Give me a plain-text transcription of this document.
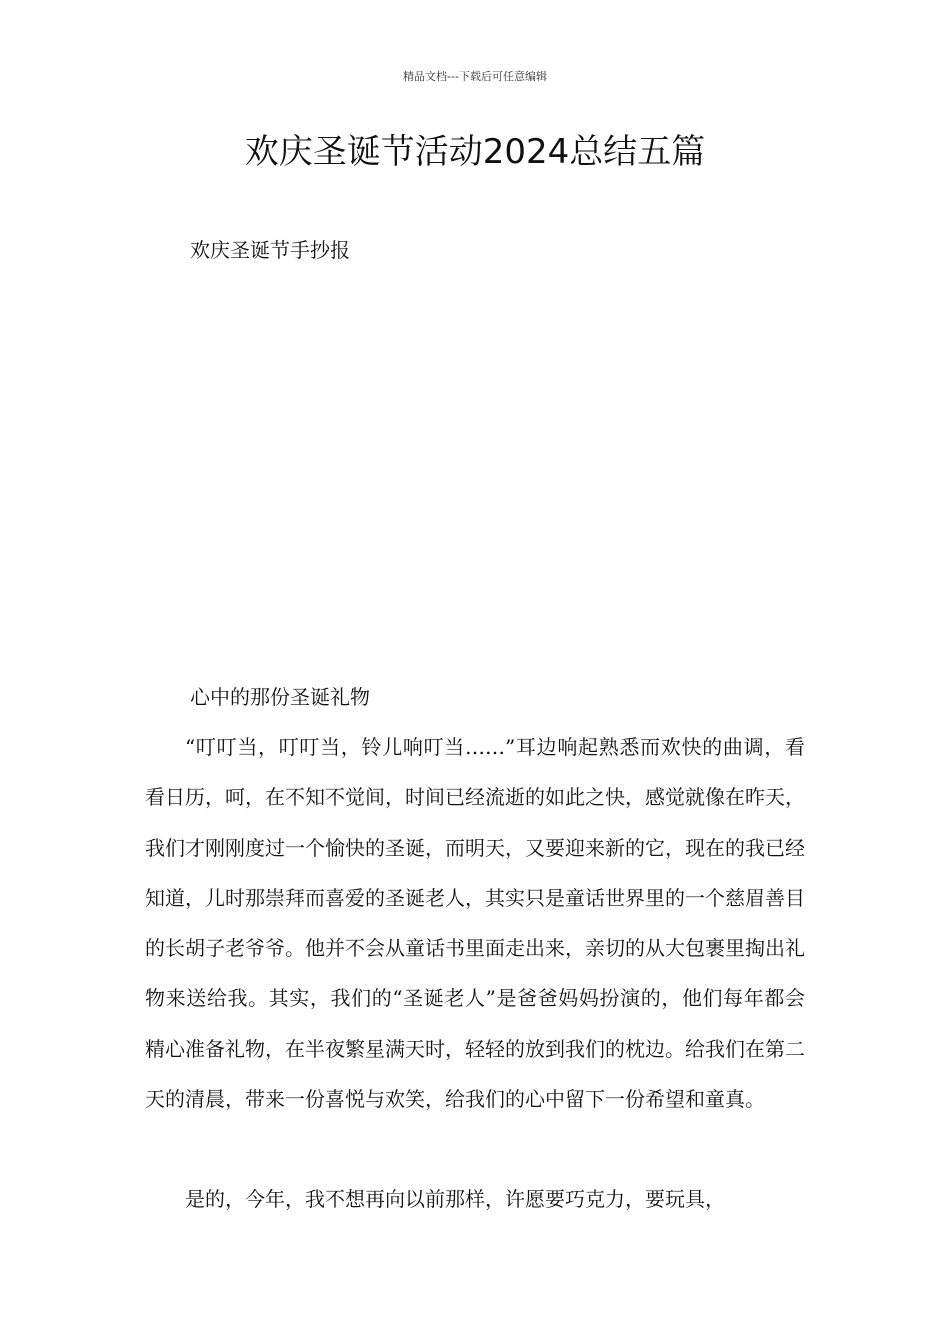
精品文档---下载后可任意编辑
欢庆圣诞节活动2024总结五篇
欢庆圣诞节手抄报
心中的那份圣诞礼物

“叮叮当，叮叮当，铃儿响叮当……”耳边响起熟悉而欢快的曲调，看看日历，呵，在不知不觉间，时间已经流逝的如此之快，感觉就像在昨天，我们才刚刚度过一个愉快的圣诞，而明天，又要迎来新的它，现在的我已经知道，儿时那崇拜而喜爱的圣诞老人，其实只是童话世界里的一个慈眉善目的长胡子老爷爷。他并不会从童话书里面走出来，亲切的从大包裹里掏出礼物来送给我。其实，我们的“圣诞老人”是爸爸妈妈扮演的，他们每年都会精心准备礼物，在半夜繁星满天时，轻轻的放到我们的枕边。给我们在第二天的清晨，带来一份喜悦与欢笑，给我们的心中留下一份希望和童真。

是的，今年，我不想再向以前那样，许愿要巧克力，要玩具，
